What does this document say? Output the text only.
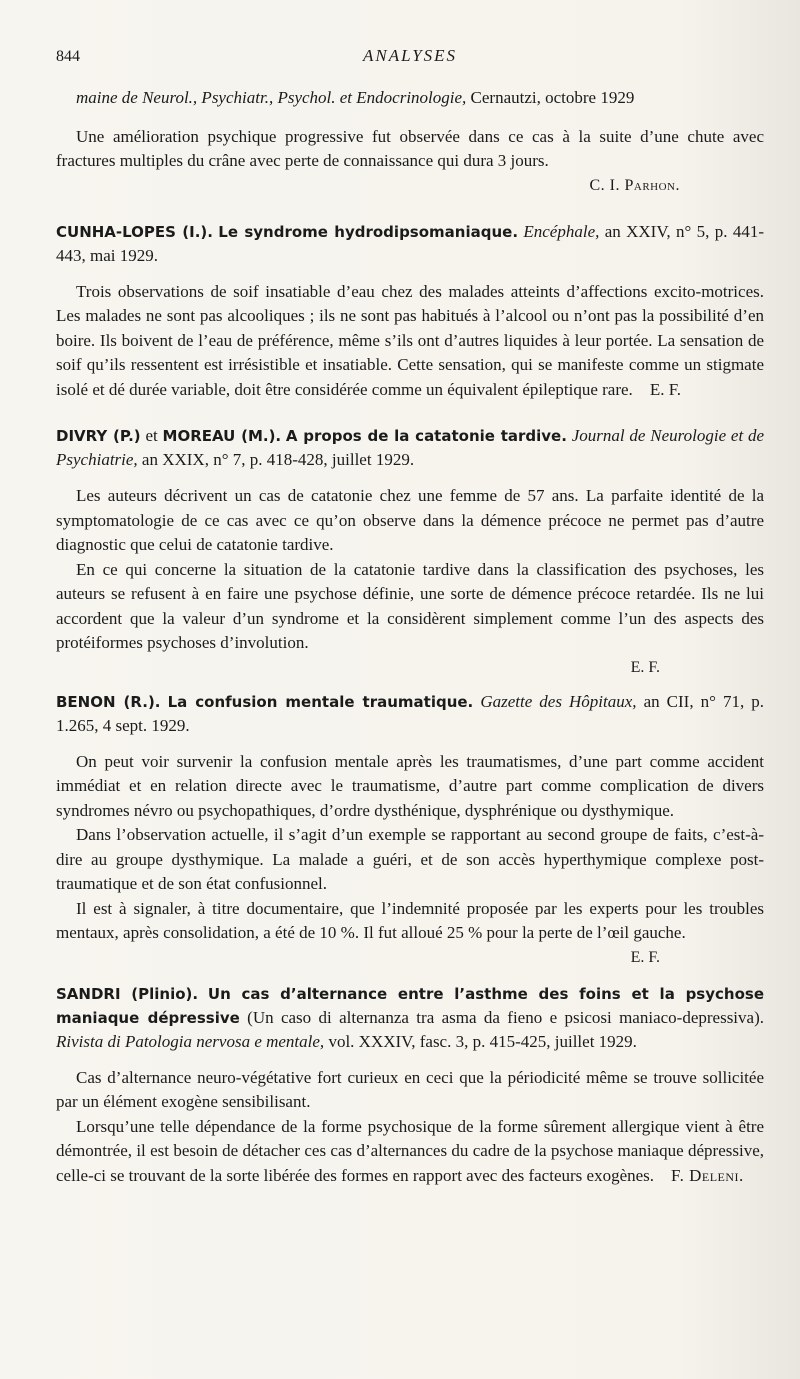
844	ANALYSES

maine de Neurol., Psychiatr., Psychol. et Endocrinologie, Cernautzi, octobre 1929

Une amélioration psychique progressive fut observée dans ce cas à la suite d’une chute avec fractures multiples du crâne avec perte de connaissance qui dura 3 jours.

C. I. Parhon.

CUNHA-LOPES (I.). Le syndrome hydrodipsomaniaque. Encéphale, an XXIV, n° 5, p. 441-443, mai 1929.

Trois observations de soif insatiable d’eau chez des malades atteints d’affections excito-motrices. Les malades ne sont pas alcooliques ; ils ne sont pas habitués à l’alcool ou n’ont pas la possibilité d’en boire. Ils boivent de l’eau de préférence, même s’ils ont d’autres liquides à leur portée. La sensation de soif qu’ils ressentent est irrésistible et insatiable. Cette sensation, qui se manifeste comme un stigmate isolé et dé durée variable, doit être considérée comme un équivalent épileptique rare. E. F.

DIVRY (P.) et MOREAU (M.). A propos de la catatonie tardive. Journal de Neurologie et de Psychiatrie, an XXIX, n° 7, p. 418-428, juillet 1929.

Les auteurs décrivent un cas de catatonie chez une femme de 57 ans. La parfaite identité de la symptomatologie de ce cas avec ce qu’on observe dans la démence précoce ne permet pas d’autre diagnostic que celui de catatonie tardive.

En ce qui concerne la situation de la catatonie tardive dans la classification des psychoses, les auteurs se refusent à en faire une psychose définie, une sorte de démence précoce retardée. Ils ne lui accordent que la valeur d’un syndrome et la considèrent simplement comme l’un des aspects des protéiformes psychoses d’involution.

E. F.

BENON (R.). La confusion mentale traumatique. Gazette des Hôpitaux, an CII, n° 71, p. 1.265, 4 sept. 1929.

On peut voir survenir la confusion mentale après les traumatismes, d’une part comme accident immédiat et en relation directe avec le traumatisme, d’autre part comme complication de divers syndromes névro ou psychopathiques, d’ordre dysthénique, dysphrénique ou dysthymique.

Dans l’observation actuelle, il s’agit d’un exemple se rapportant au second groupe de faits, c’est-à-dire au groupe dysthymique. La malade a guéri, et de son accès hyperthymique complexe post-traumatique et de son état confusionnel.

Il est à signaler, à titre documentaire, que l’indemnité proposée par les experts pour les troubles mentaux, après consolidation, a été de 10 %. Il fut alloué 25 % pour la perte de l’œil gauche.

E. F.

SANDRI (Plinio). Un cas d’alternance entre l’asthme des foins et la psychose maniaque dépressive (Un caso di alternanza tra asma da fieno e psicosi maniaco-depressiva). Rivista di Patologia nervosa e mentale, vol. XXXIV, fasc. 3, p. 415-425, juillet 1929.

Cas d’alternance neuro-végétative fort curieux en ceci que la périodicité même se trouve sollicitée par un élément exogène sensibilisant.

Lorsqu’une telle dépendance de la forme psychosique de la forme sûrement allergique vient à être démontrée, il est besoin de détacher ces cas d’alternances du cadre de la psychose maniaque dépressive, celle-ci se trouvant de la sorte libérée des formes en rapport avec des facteurs exogènes. F. Deleni.
